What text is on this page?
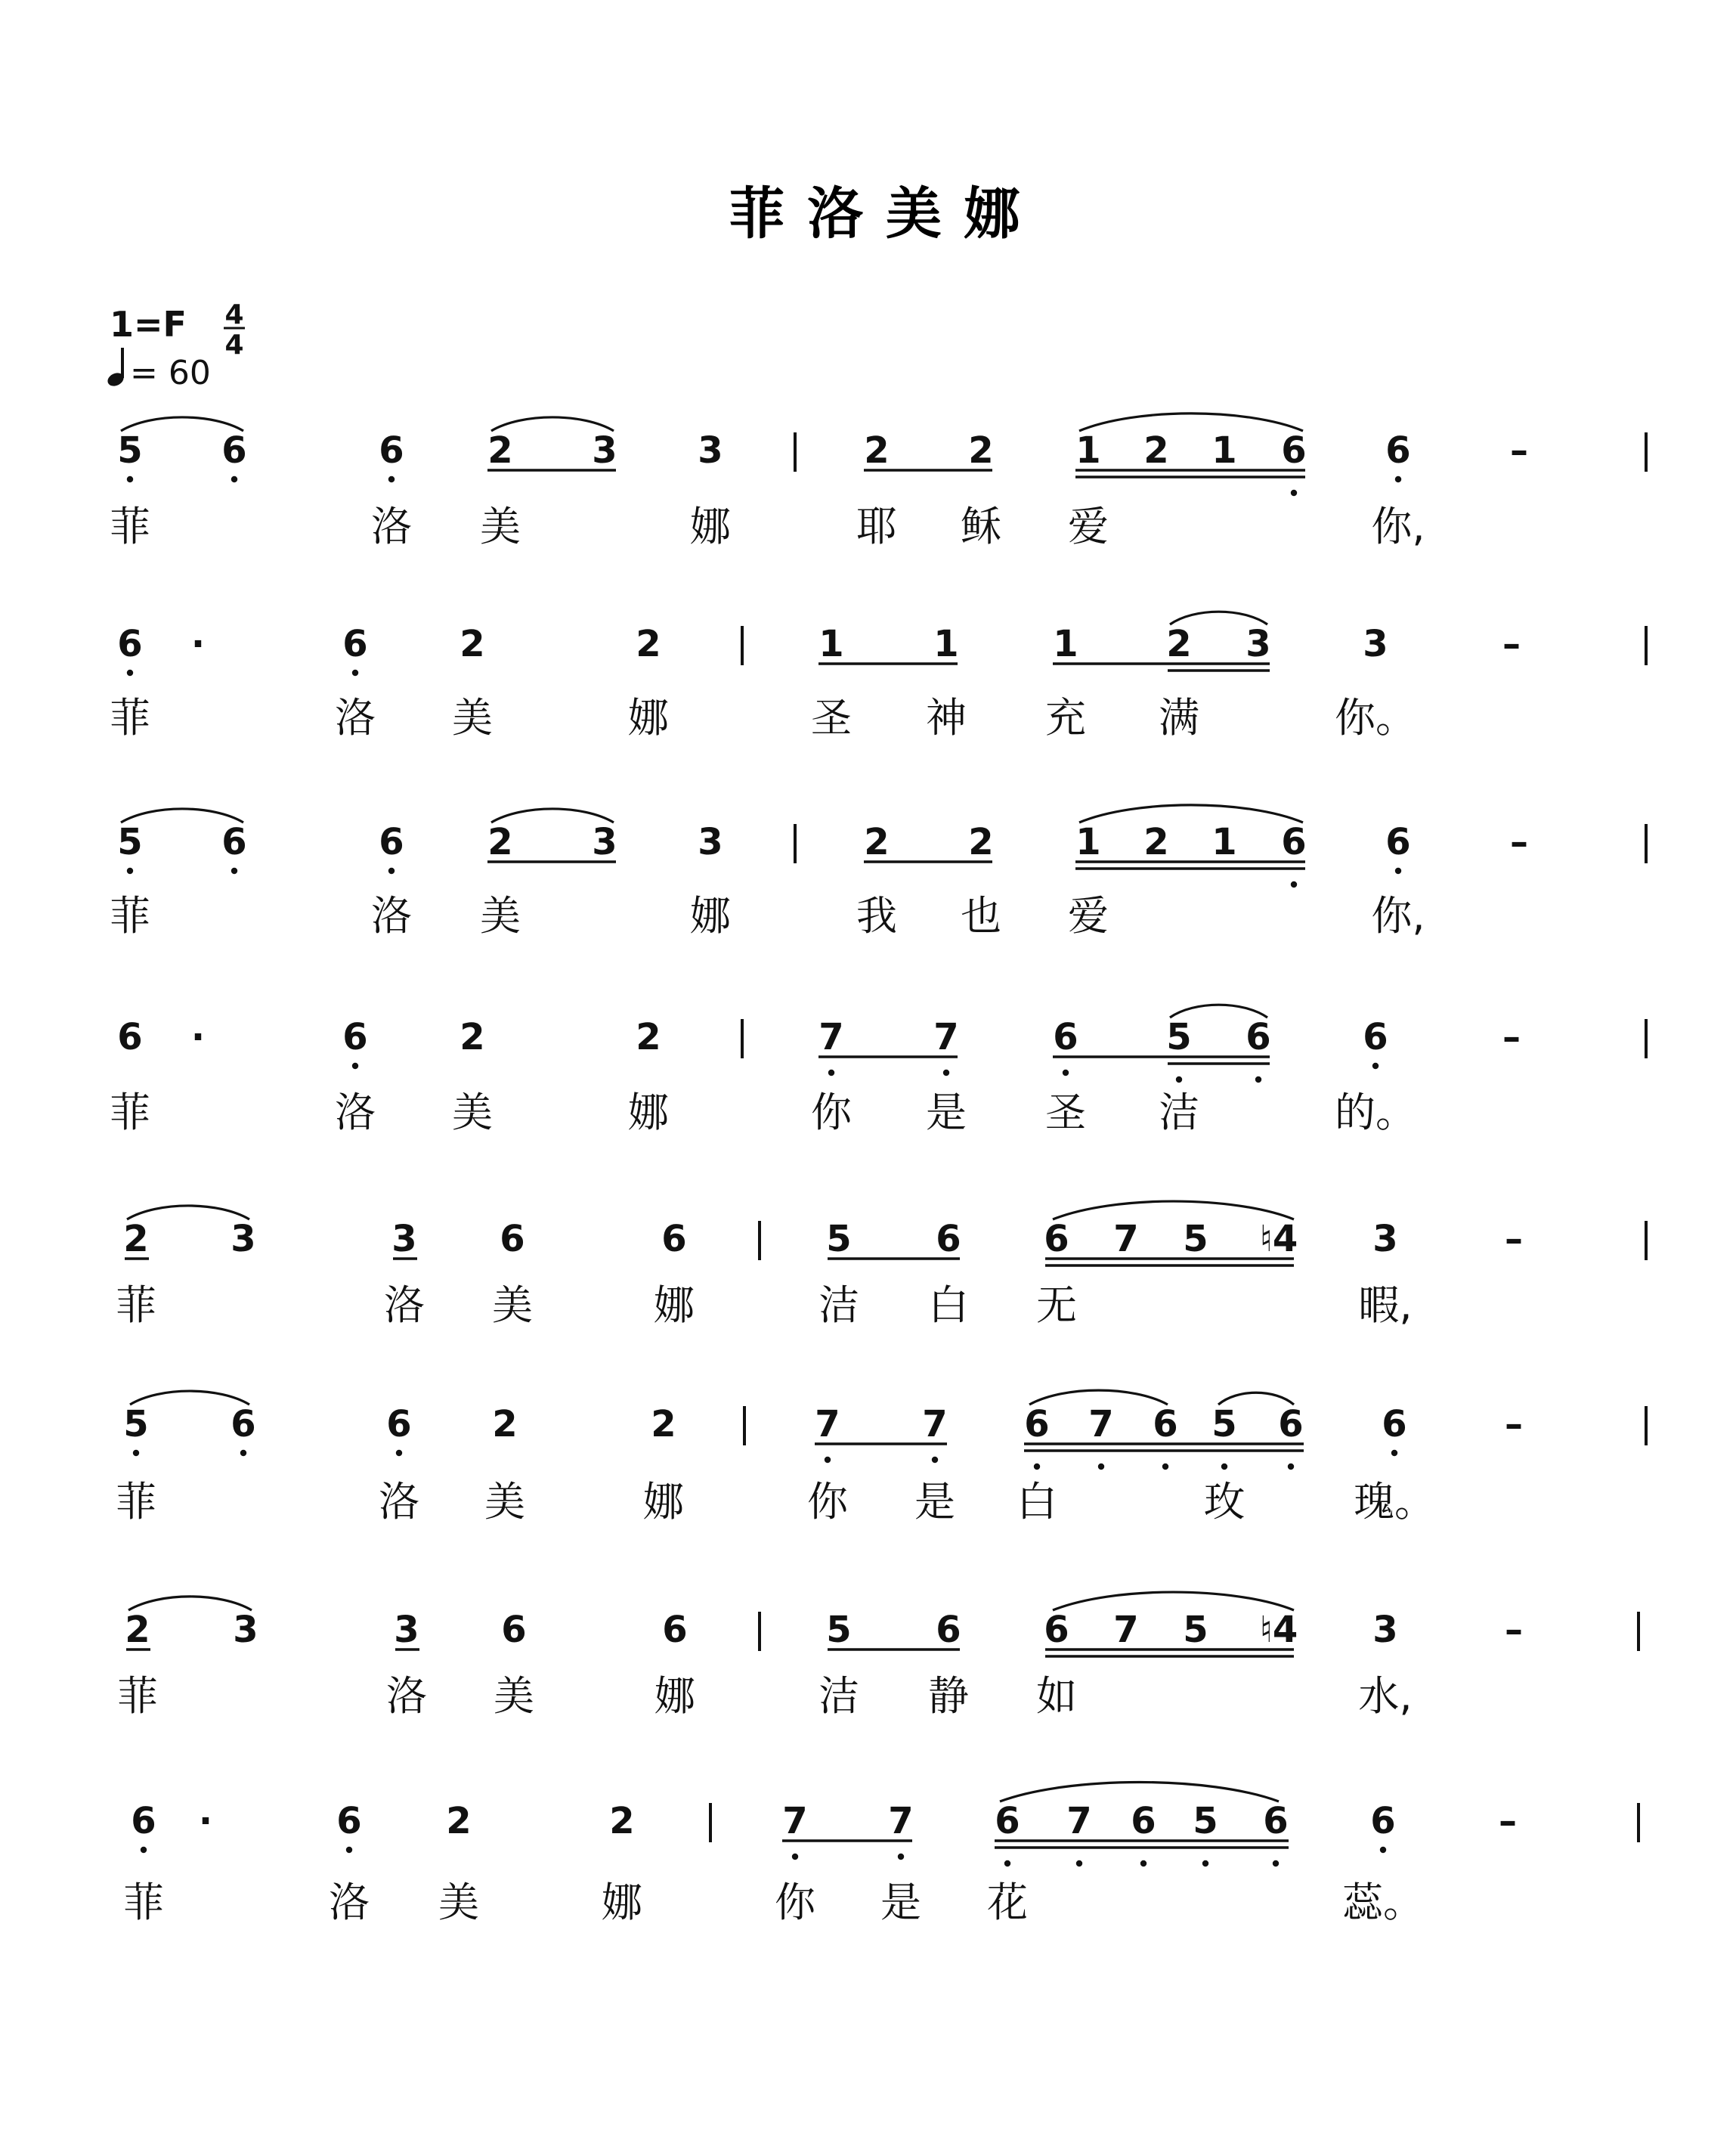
菲 洛 美 娜
1=F 4
4
= 60
5 6	6 2 3 3	2 2 1 2 1 6 6	–
菲	洛 美	娜	耶 稣 爱	你,
6 ·	6	2	2	1 1	1 2 3	3	–
菲	洛 美	娜	圣 神 充 满	你。
5 6	6 2 3 3	2 2 1 2 1 6 6	–
菲	洛 美	娜	我 也 爱	你,
6 ·	6	2	2	7 7	6 5 6	6	–
菲	洛 美	娜	你 是 圣 洁	的。
2 3	3 6	6	5 6 6 7 5 ♮4 3	–
菲	洛 美	娜	洁 白 无	暇,
5 6	6 2	2	7 7 6 7 6 5 6 6	–
菲	洛 美	娜	你 是 白	玫	瑰。
2 3	3 6	6	5 6 6 7 5 ♮4 3	–
菲	洛 美	娜	洁 静 如	水,
6 ·	6 2	2	7 7 6 7 6 5 6 6	–
菲	洛 美	娜	你 是 花	蕊。
